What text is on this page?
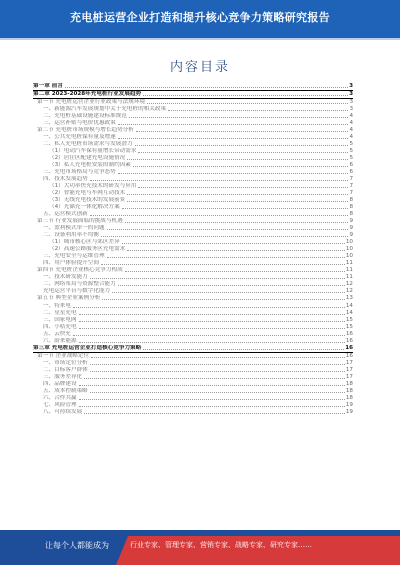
充电桩运营企业打造和提升核心竞争力策略研究报告
内容目录
第一章 前言	3
第二章 2023-2028年充电桩行业发展趋势	3
第一节 充电桩运营企业行业政策与法规环境	3
一、新能源汽车发展规划中关于充电桩的相关政策	3
二、充电桩基础设施建设标准规范	4
三、运营补贴与电价优惠政策	4
第二节 充电桩市场规模与增长趋势分析	4
一、公共充电桩保有量及增速	4
二、私人充电桩市场需求与发展潜力	5
（1）电动汽车保有量增长带动需求	5
（2）居住区配建充电设施情况	5
（3）私人充电桩安装的制约因素	6
三、充电市场格局与竞争态势	6
四、技术发展趋势	7
（1）大功率快充技术的研发与应用	7
（2）智能充电与车网互动技术	7
（3）无线充电技术的发展前景	8
（4）光储充一体化解决方案	8
五、运营模式创新	8
第三节 行业发展面临的挑战与机遇	9
一、盈利模式单一的问题	9
二、设备利用率不均衡	9
（1）城市核心区与郊区差异	10
（2）高速公路服务区充电需求	10
三、充电安全与运维管理	10
四、用户体验提升空间	11
第四节 充电桩企业核心竞争力构成	11
一、技术研发能力	11
二、网络布局与资源整合能力	12
充电运营平台与数字化能力	12
第五节 典型企业案例分析	13
一、特来电	14
二、星星充电	14
三、国家电网	15
四、小桔充电	15
五、云快充	16
六、蔚来能源	16
第三章 充电桩运营企业打造核心竞争力策略	16
第一节 企业战略定位	16
一、市场定位分析	17
二、目标客户群体	17
三、服务差异化	17
四、品牌建设	18
五、成本控制策略	18
六、合作共赢	18
七、风险管理	19
八、可持续发展	19
让每个人都能成为	行业专家、管理专家、营销专家、战略专家、研究专家……
